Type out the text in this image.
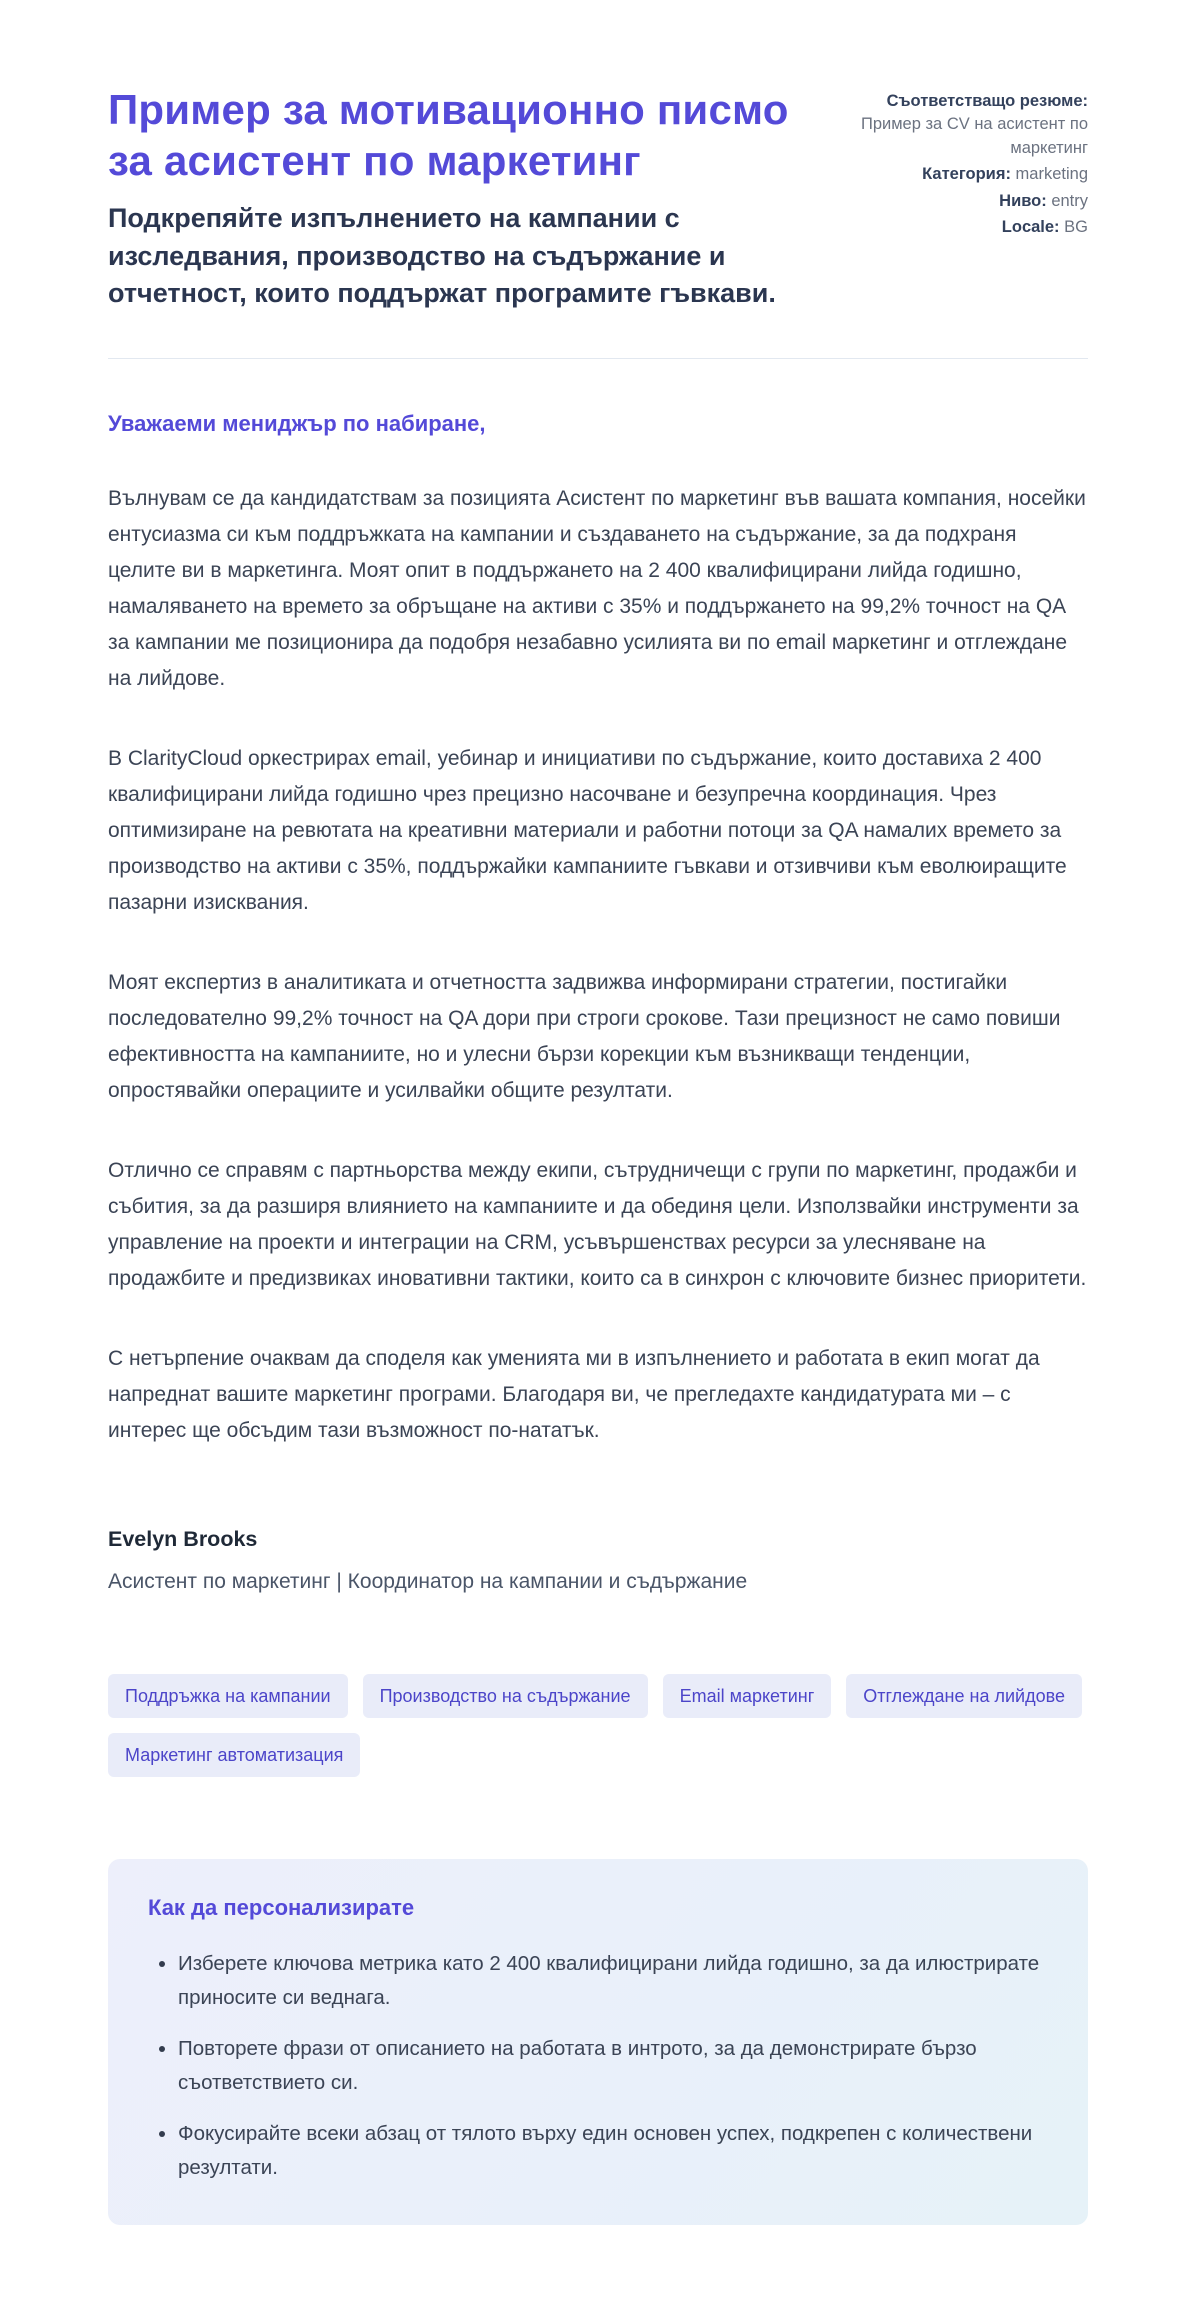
Пример за мотивационно писмо за асистент по маркетинг
Подкрепяйте изпълнението на кампании с изследвания, производство на съдържание и отчетност, които поддържат програмите гъвкави.
Съответстващо резюме: Пример за CV на асистент по маркетинг
Категория: marketing
Ниво: entry
Locale: BG

Уважаеми мениджър по набиране,

Вълнувам се да кандидатствам за позицията Асистент по маркетинг във вашата компания, носейки ентусиазма си към поддръжката на кампании и създаването на съдържание, за да подхраня целите ви в маркетинга. Моят опит в поддържането на 2 400 квалифицирани лийда годишно, намаляването на времето за обръщане на активи с 35% и поддържането на 99,2% точност на QA за кампании ме позиционира да подобря незабавно усилията ви по email маркетинг и отглеждане на лийдове.

В ClarityCloud оркестрирах email, уебинар и инициативи по съдържание, които доставиха 2 400 квалифицирани лийда годишно чрез прецизно насочване и безупречна координация. Чрез оптимизиране на ревютата на креативни материали и работни потоци за QA намалих времето за производство на активи с 35%, поддържайки кампаниите гъвкави и отзивчиви към еволюиращите пазарни изисквания.

Моят експертиз в аналитиката и отчетността задвижва информирани стратегии, постигайки последователно 99,2% точност на QA дори при строги срокове. Тази прецизност не само повиши ефективността на кампаниите, но и улесни бързи корекции към възникващи тенденции, опростявайки операциите и усилвайки общите резултати.

Отлично се справям с партньорства между екипи, сътрудничещи с групи по маркетинг, продажби и събития, за да разширя влиянието на кампаниите и да обединя цели. Използвайки инструменти за управление на проекти и интеграции на CRM, усъвършенствах ресурси за улесняване на продажбите и предизвиках иновативни тактики, които са в синхрон с ключовите бизнес приоритети.

С нетърпение очаквам да споделя как уменията ми в изпълнението и работата в екип могат да напреднат вашите маркетинг програми. Благодаря ви, че прегледахте кандидатурата ми – с интерес ще обсъдим тази възможност по-нататък.

Evelyn Brooks

Асистент по маркетинг | Координатор на кампании и съдържание

Поддръжка на кампании	Производство на съдържание	Email маркетинг	Отглеждане на лийдове
Маркетинг автоматизация
Как да персонализирате
• Изберете ключова метрика като 2 400 квалифицирани лийда годишно, за да илюстрирате приносите си веднага.
• Повторете фрази от описанието на работата в интрото, за да демонстрирате бързо съответствието си.
• Фокусирайте всеки абзац от тялото върху един основен успех, подкрепен с количествени резултати.
